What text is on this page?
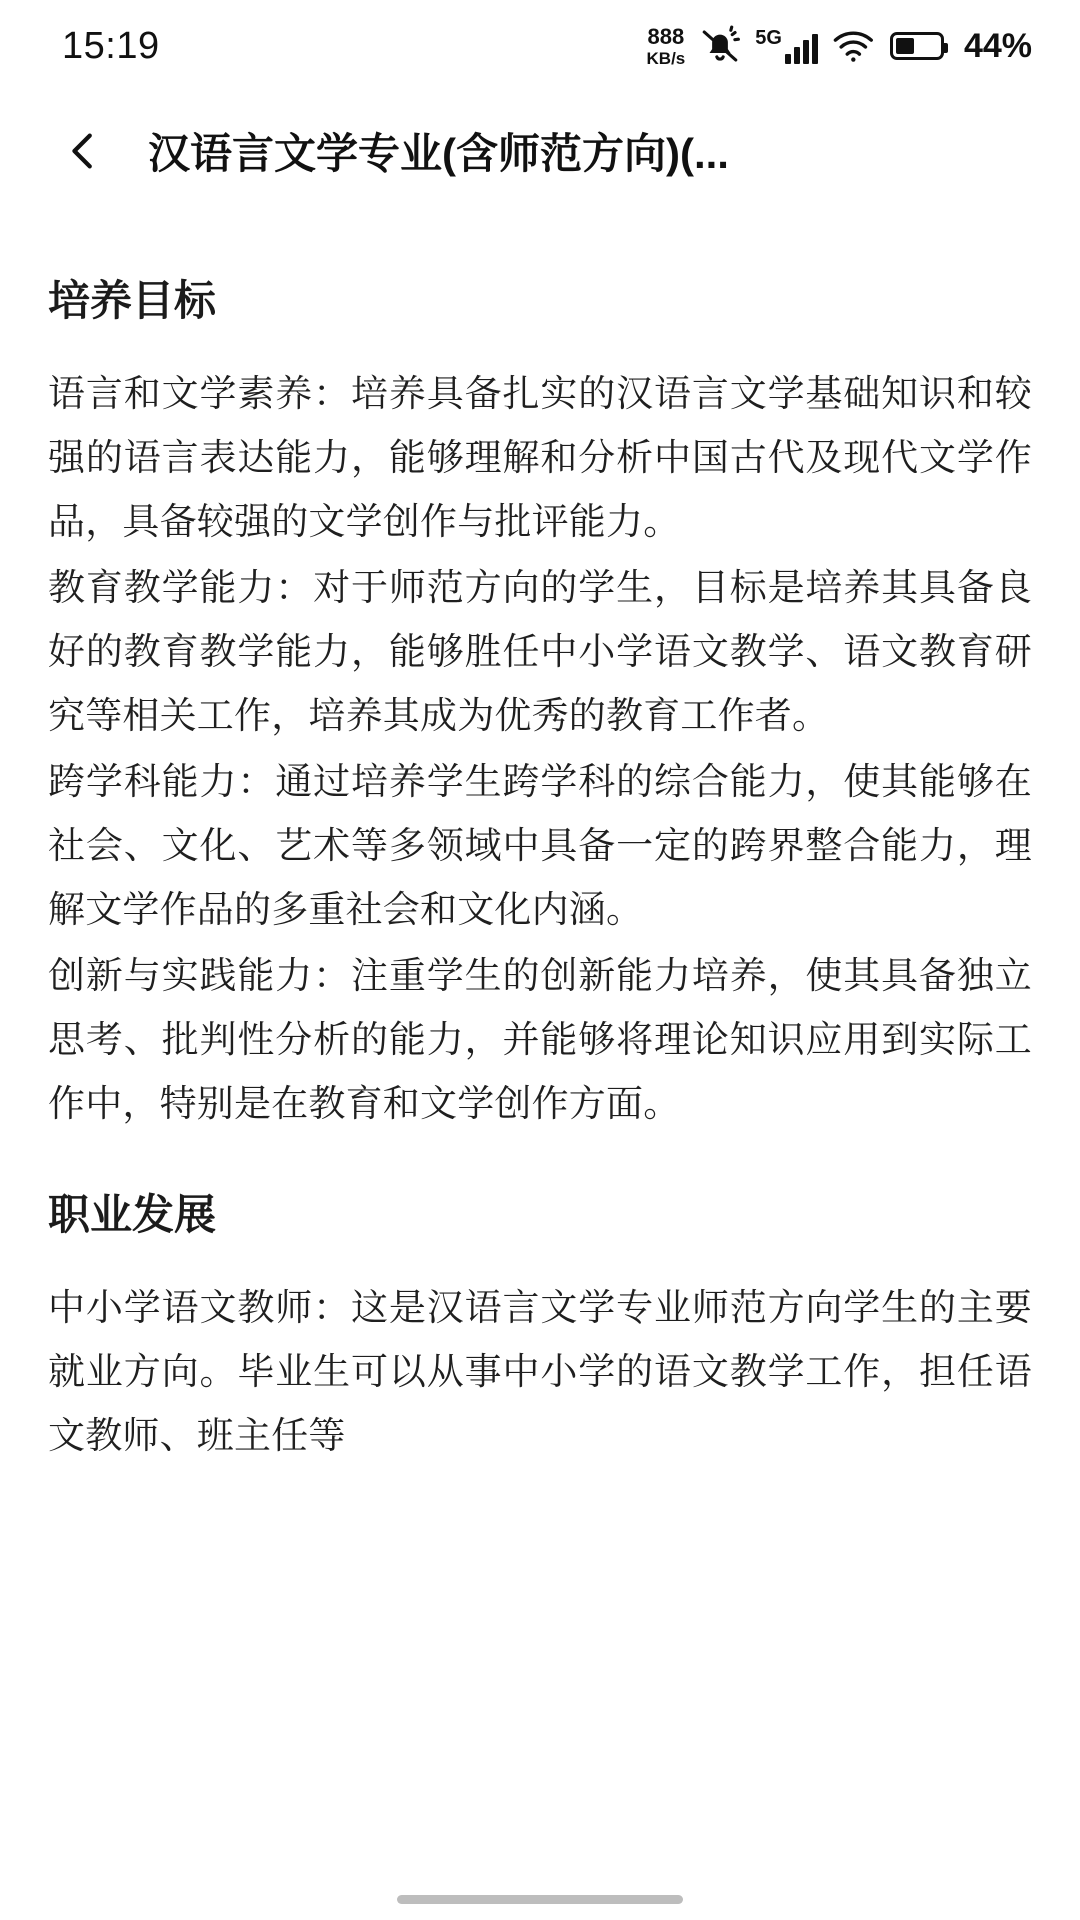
15:19	888
KB/s
5G	44%
汉语言文学专业(含师范方向)(...
培养目标

语言和文学素养：培养具备扎实的汉语言文学基础知识和较强的语言表达能力，能够理解和分析中国古代及现代文学作品，具备较强的文学创作与批评能力。

教育教学能力：对于师范方向的学生，目标是培养其具备良好的教育教学能力，能够胜任中小学语文教学、语文教育研究等相关工作，培养其成为优秀的教育工作者。

跨学科能力：通过培养学生跨学科的综合能力，使其能够在社会、文化、艺术等多领域中具备一定的跨界整合能力，理解文学作品的多重社会和文化内涵。

创新与实践能力：注重学生的创新能力培养，使其具备独立思考、批判性分析的能力，并能够将理论知识应用到实际工作中，特别是在教育和文学创作方面。

职业发展

中小学语文教师：这是汉语言文学专业师范方向学生的主要就业方向。毕业生可以从事中小学的语文教学工作，担任语文教师、班主任等
